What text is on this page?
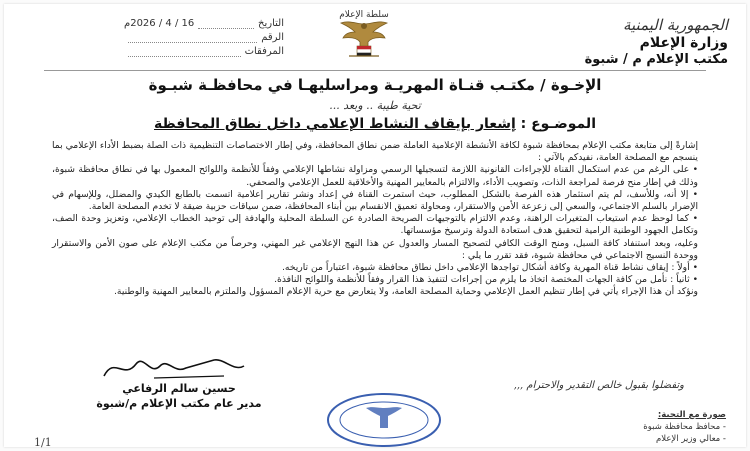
الجمهورية اليمنية
وزارة الإعلام
مكتب الإعلام م / شبوة
سلطة الإعلام
التاريخ
16 / 4 / 2026م
الرقم
المرفقات
الإخـوة / مكتـب قنـاة المهريـة ومراسليهـا في محافظـة شبـوة
تحية طيبة .. وبعد ...
الموضـوع : إشعار بإيقاف النشاط الإعلامي داخل نطاق المحافظة

إشارةً إلى متابعة مكتب الإعلام بمحافظة شبوة لكافة الأنشطة الإعلامية العاملة ضمن نطاق المحافظة، وفي إطار الاختصاصات التنظيمية ذات الصلة بضبط الأداء الإعلامي بما ينسجم مع المصلحة العامة، نفيدكم بالآتي :

• على الرغم من عدم استكمال القناة للإجراءات القانونية اللازمة لتسجيلها الرسمي ومزاولة نشاطها الإعلامي وفقاً للأنظمة واللوائح المعمول بها في نطاق محافظة شبوة، وذلك في إطار منح فرصة لمراجعة الذات، وتصويب الأداء، والالتزام بالمعايير المهنية والأخلاقية للعمل الإعلامي والصحفي.

• إلا أنه، وللأسف، لم يتم استثمار هذه الفرصة بالشكل المطلوب، حيث استمرت القناة في إعداد ونشر تقارير إعلامية اتسمت بالطابع الكيدي والمضلل، وللإسهام في الإضرار بالسلم الاجتماعي، والسعي إلى زعزعة الأمن والاستقرار، ومحاولة تعميق الانقسام بين أبناء المحافظة، ضمن سياقات حزبية ضيقة لا تخدم المصلحة العامة.

• كما لوحظ عدم استيعاب المتغيرات الراهنة، وعدم الالتزام بالتوجيهات الصريحة الصادرة عن السلطة المحلية والهادفة إلى توحيد الخطاب الإعلامي، وتعزيز وحدة الصف، وتكامل الجهود الوطنية الرامية لتحقيق هدف استعادة الدولة وترسيخ مؤسساتها.

وعليه، وبعد استنفاد كافة السبل، ومنح الوقت الكافي لتصحيح المسار والعدول عن هذا النهج الإعلامي غير المهني، وحرصاً من مكتب الإعلام على صون الأمن والاستقرار ووحدة النسيج الاجتماعي في محافظة شبوة، فقد تقرر ما يلي :

• أولاً : إيقاف نشاط قناة المهرية وكافة أشكال تواجدها الإعلامي داخل نطاق محافظة شبوة، اعتباراً من تاريخه.

• ثانياً : نأمل من كافة الجهات المختصة اتخاذ ما يلزم من إجراءات لتنفيذ هذا القرار وفقاً للأنظمة واللوائح النافذة.

ونؤكد أن هذا الإجراء يأتي في إطار تنظيم العمل الإعلامي وحماية المصلحة العامة، ولا يتعارض مع حرية الإعلام المسؤول والملتزم بالمعايير المهنية والوطنية.

وتفضلوا بقبول خالص التقدير والاحترام ,,,
حسين سالم الرفاعي
مدير عام مكتب الإعلام م/شبوة
صورة مع التحية:
- محافظ محافظة شبوة
- معالي وزير الإعلام
1/1
